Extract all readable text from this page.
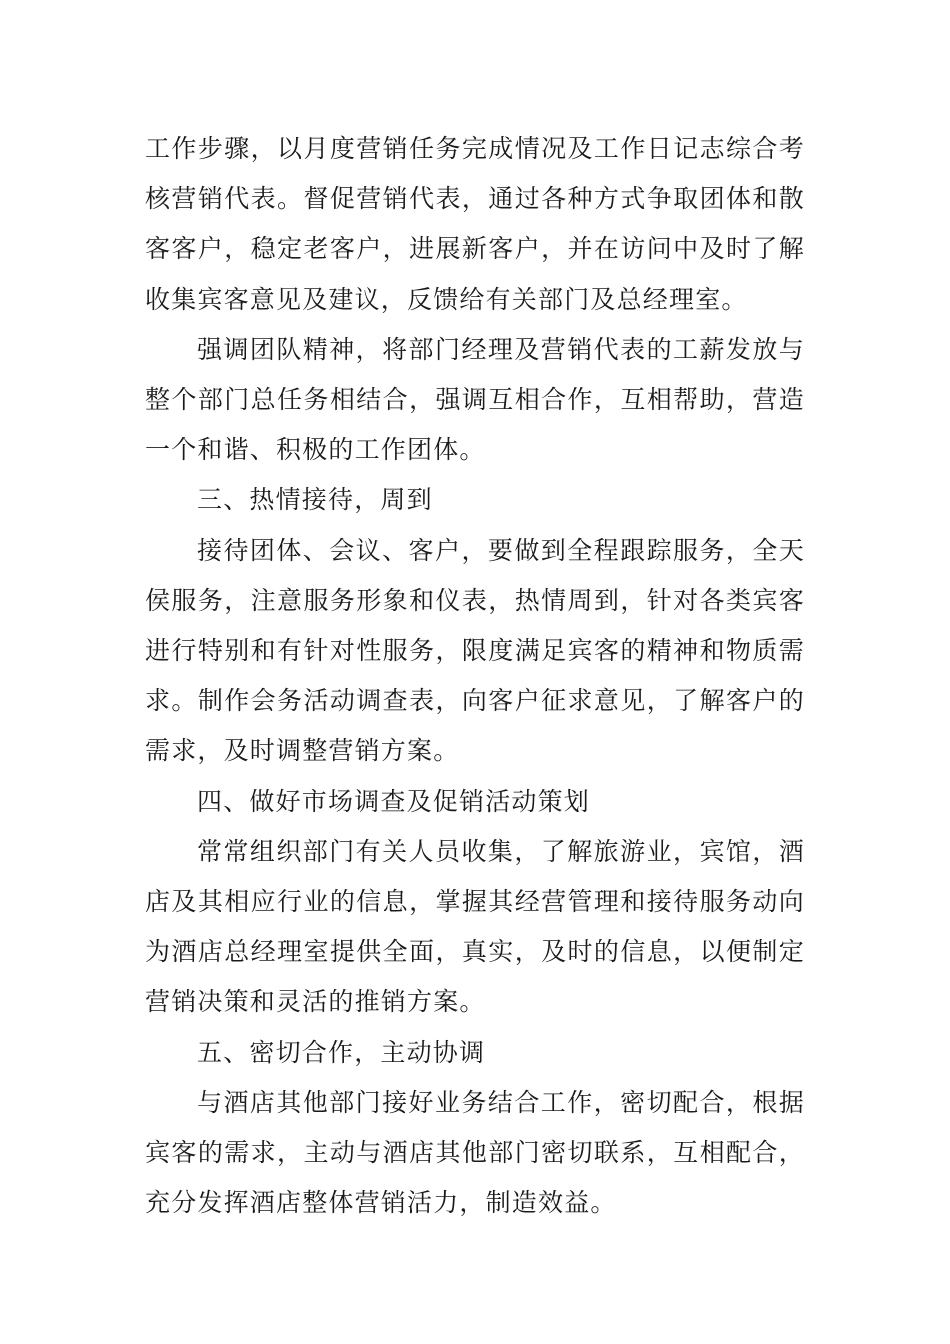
工作步骤，以月度营销任务完成情况及工作日记志综合考核营销代表。督促营销代表，通过各种方式争取团体和散客客户，稳定老客户，进展新客户，并在访问中及时了解收集宾客意见及建议，反馈给有关部门及总经理室。

强调团队精神，将部门经理及营销代表的工薪发放与整个部门总任务相结合，强调互相合作，互相帮助，营造一个和谐、积极的工作团体。

三、热情接待，周到

接待团体、会议、客户，要做到全程跟踪服务，全天侯服务，注意服务形象和仪表，热情周到，针对各类宾客进行特别和有针对性服务，限度满足宾客的精神和物质需求。制作会务活动调查表，向客户征求意见，了解客户的需求，及时调整营销方案。

四、做好市场调查及促销活动策划

常常组织部门有关人员收集，了解旅游业，宾馆，酒店及其相应行业的信息，掌握其经营管理和接待服务动向为酒店总经理室提供全面，真实，及时的信息，以便制定营销决策和灵活的推销方案。

五、密切合作，主动协调

与酒店其他部门接好业务结合工作，密切配合，根据宾客的需求，主动与酒店其他部门密切联系，互相配合，充分发挥酒店整体营销活力，制造效益。
